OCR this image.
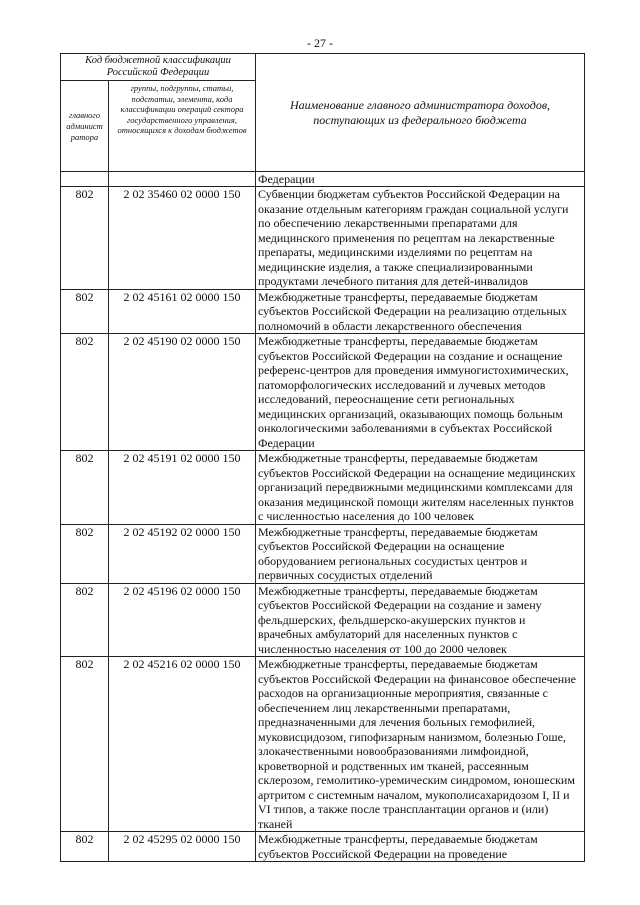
- 27 -
Код бюджетной классификации Российской Федерации		Наименование главного администратора доходов, поступающих из федерального бюджета
главного админист ратора	группы, подгруппы, статьи, подстатьи, элемента, кода классификации операций сектора государственного управления, относящихся к доходам бюджетов	
		Федерации
802	2 02 35460 02 0000 150	Субвенции бюджетам субъектов Российской Федерации на оказание отдельным категориям граждан социальной услуги по обеспечению лекарственными препаратами для медицинского применения по рецептам на лекарственные препараты, медицинскими изделиями по рецептам на медицинские изделия, а также специализированными продуктами лечебного питания для детей-инвалидов
802	2 02 45161 02 0000 150	Межбюджетные трансферты, передаваемые бюджетам субъектов Российской Федерации на реализацию отдельных полномочий в области лекарственного обеспечения
802	2 02 45190 02 0000 150	Межбюджетные трансферты, передаваемые бюджетам субъектов Российской Федерации на создание и оснащение референс-центров для проведения иммуногистохимических, патоморфологических исследований и лучевых методов исследований, переоснащение сети региональных медицинских организаций, оказывающих помощь больным онкологическими заболеваниями в субъектах Российской Федерации
802	2 02 45191 02 0000 150	Межбюджетные трансферты, передаваемые бюджетам субъектов Российской Федерации на оснащение медицинских организаций передвижными медицинскими комплексами для оказания медицинской помощи жителям населенных пунктов с численностью населения до 100 человек
802	2 02 45192 02 0000 150	Межбюджетные трансферты, передаваемые бюджетам субъектов Российской Федерации на оснащение оборудованием региональных сосудистых центров и первичных сосудистых отделений
802	2 02 45196 02 0000 150	Межбюджетные трансферты, передаваемые бюджетам субъектов Российской Федерации на создание и замену фельдшерских, фельдшерско-акушерских пунктов и врачебных амбулаторий для населенных пунктов с численностью населения от 100 до 2000 человек
802	2 02 45216 02 0000 150	Межбюджетные трансферты, передаваемые бюджетам субъектов Российской Федерации на финансовое обеспечение расходов на организационные мероприятия, связанные с обеспечением лиц лекарственными препаратами, предназначенными для лечения больных гемофилией, муковисцидозом, гипофизарным нанизмом, болезнью Гоше, злокачественными новообразованиями лимфоидной, кроветворной и родственных им тканей, рассеянным склерозом, гемолитико-уремическим синдромом, юношеским артритом с системным началом, мукополисахаридозом I, II и VI типов, а также после трансплантации органов и (или) тканей
802	2 02 45295 02 0000 150	Межбюджетные трансферты, передаваемые бюджетам субъектов Российской Федерации на проведение
